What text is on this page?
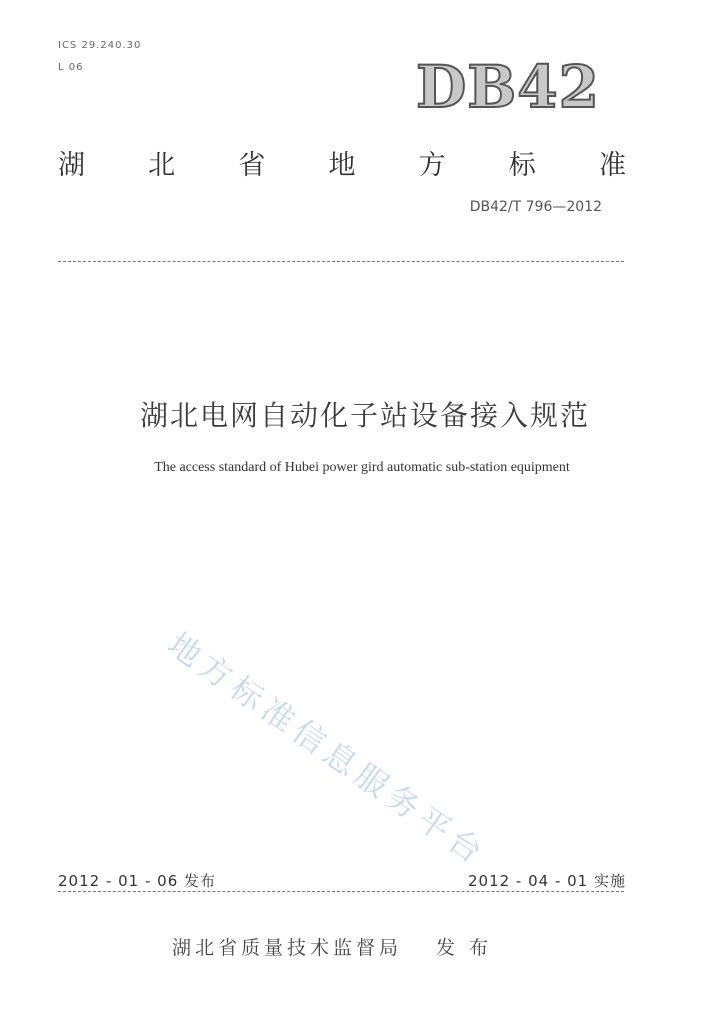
ICS 29.240.30
L 06	DB42
湖 北 省 地 方 标 准
DB42/T 796—2012
湖北电网自动化子站设备接入规范
The access standard of Hubei power gird automatic sub-station equipment
地方标准信息服务平台
2012 - 01 - 06 发布	2012 - 04 - 01 实施
湖北省质量技术监督局 发 布
